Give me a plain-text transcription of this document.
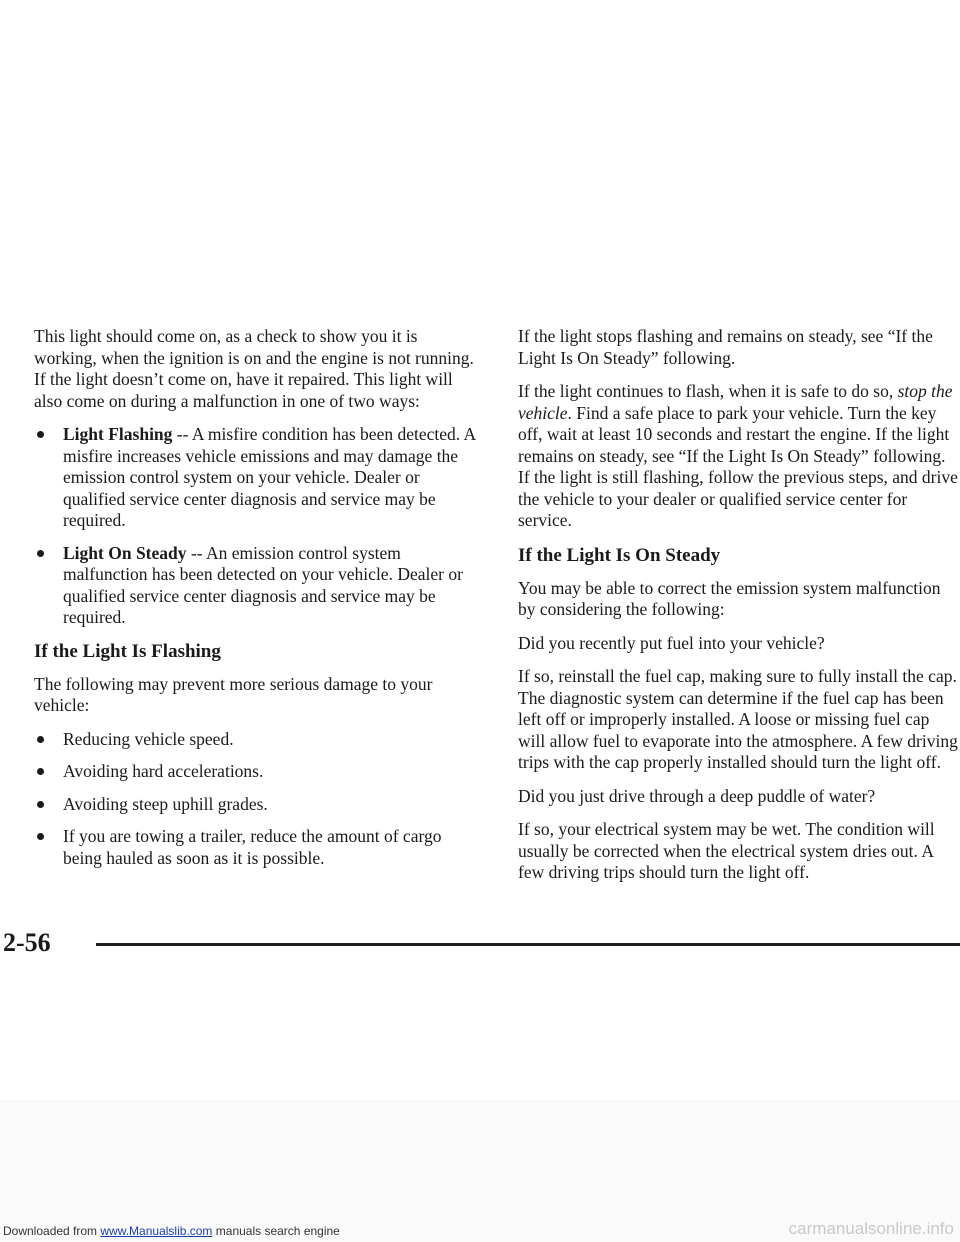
This light should come on, as a check to show you it is working, when the ignition is on and the engine is not running. If the light doesn’t come on, have it repaired. This light will also come on during a malfunction in one of two ways:

Light Flashing -- A misfire condition has been detected. A misfire increases vehicle emissions and may damage the emission control system on your vehicle. Dealer or qualified service center diagnosis and service may be required.
Light On Steady -- An emission control system malfunction has been detected on your vehicle. Dealer or qualified service center diagnosis and service may be required.
If the Light Is Flashing

The following may prevent more serious damage to your vehicle:

Reducing vehicle speed.
Avoiding hard accelerations.
Avoiding steep uphill grades.
If you are towing a trailer, reduce the amount of cargo being hauled as soon as it is possible.

If the light stops flashing and remains on steady, see “If the Light Is On Steady” following.

If the light continues to flash, when it is safe to do so, stop the vehicle. Find a safe place to park your vehicle. Turn the key off, wait at least 10 seconds and restart the engine. If the light remains on steady, see “If the Light Is On Steady” following. If the light is still flashing, follow the previous steps, and drive the vehicle to your dealer or qualified service center for service.

If the Light Is On Steady

You may be able to correct the emission system malfunction by considering the following:

Did you recently put fuel into your vehicle?

If so, reinstall the fuel cap, making sure to fully install the cap. The diagnostic system can determine if the fuel cap has been left off or improperly installed. A loose or missing fuel cap will allow fuel to evaporate into the atmosphere. A few driving trips with the cap properly installed should turn the light off.

Did you just drive through a deep puddle of water?

If so, your electrical system may be wet. The condition will usually be corrected when the electrical system dries out. A few driving trips should turn the light off.

2-56
Downloaded from www.Manualslib.com manuals search engine	carmanualsonline.info
